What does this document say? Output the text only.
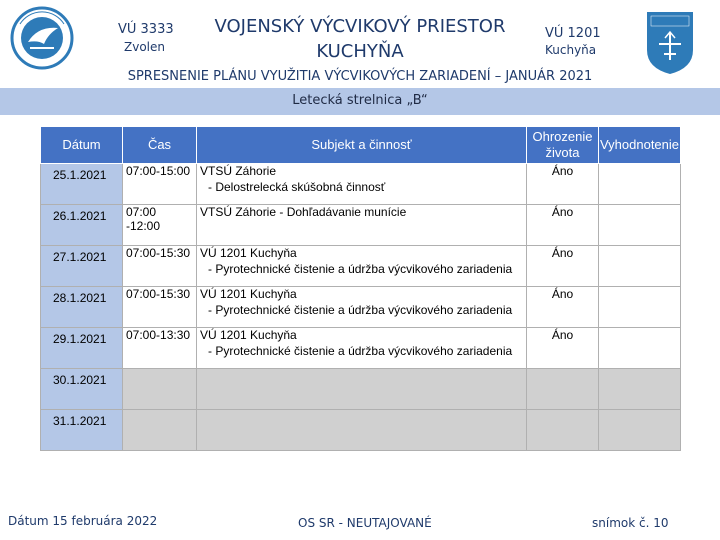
VÚ 3333
Zvolen
VOJENSKÝ VÝCVIKOVÝ PRIESTOR
KUCHYŇA
VÚ 1201
Kuchyňa
SPRESNENIE PLÁNU VYUŽITIA VÝCVIKOVÝCH ZARIADENÍ – JANUÁR 2021
Letecká strelnica „B“
Dátum	Čas	Subjekt a činnosť	Ohrozenie života	Vyhodnotenie
25.1.2021	07:00-15:00	VTSÚ Záhorie
- Delostrelecká skúšobná činnosť	Áno	
26.1.2021	07:00 -12:00	VTSÚ Záhorie - Dohľadávanie munície	Áno	
27.1.2021	07:00-15:30	VÚ 1201 Kuchyňa
- Pyrotechnické čistenie a údržba výcvikového zariadenia	Áno	
28.1.2021	07:00-15:30	VÚ 1201 Kuchyňa
- Pyrotechnické čistenie a údržba výcvikového zariadenia	Áno	
29.1.2021	07:00-13:30	VÚ 1201 Kuchyňa
- Pyrotechnické čistenie a údržba výcvikového zariadenia	Áno	
30.1.2021				
31.1.2021				
Dátum 15 februára 2022	OS SR - NEUTAJOVANÉ	snímok č. 10
